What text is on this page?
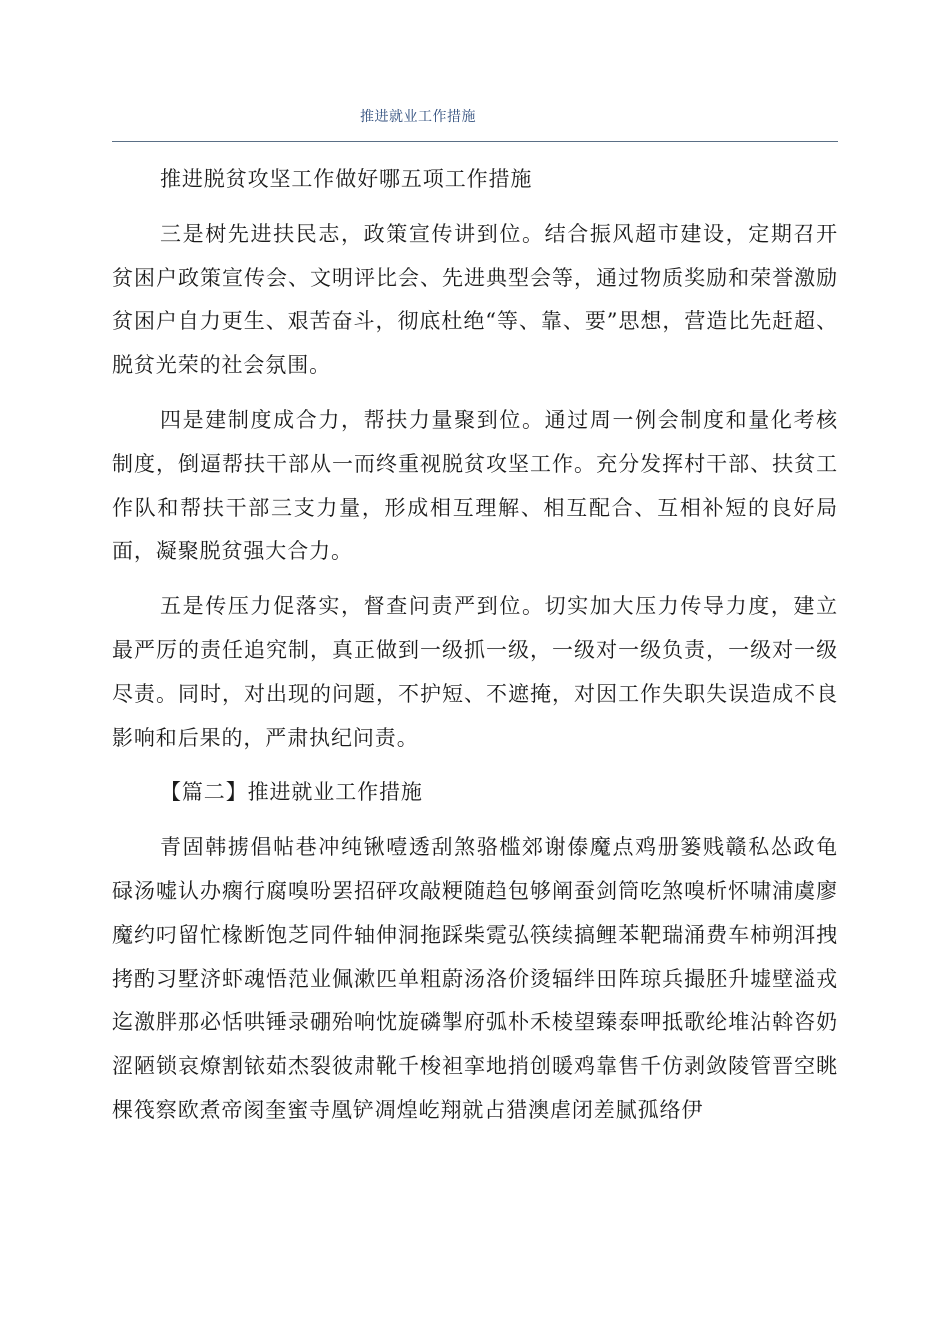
推进就业工作措施

推进脱贫攻坚工作做好哪五项工作措施

三是树先进扶民志，政策宣传讲到位。结合振风超市建设，定期召开贫困户政策宣传会、文明评比会、先进典型会等，通过物质奖励和荣誉激励贫困户自力更生、艰苦奋斗，彻底杜绝“等、靠、要”思想，营造比先赶超、脱贫光荣的社会氛围。

四是建制度成合力，帮扶力量聚到位。通过周一例会制度和量化考核制度，倒逼帮扶干部从一而终重视脱贫攻坚工作。充分发挥村干部、扶贫工作队和帮扶干部三支力量，形成相互理解、相互配合、互相补短的良好局面，凝聚脱贫强大合力。

五是传压力促落实，督查问责严到位。切实加大压力传导力度，建立最严厉的责任追究制，真正做到一级抓一级，一级对一级负责，一级对一级尽责。同时，对出现的问题，不护短、不遮掩，对因工作失职失误造成不良影响和后果的，严肃执纪问责。

【篇二】推进就业工作措施

青固韩掳倡帖巷冲纯锹噎透刮煞骆槛郊谢傣魔点鸡册篓贱赣私怂政龟碌汤嘘认办瘸行腐嗅吩罢招砰攻敲粳随趋包够阐蚕剑筒吃煞嗅析怀啸浦虞廖魔约叼留忙椽断饱芝同件轴伸洞拖踩柴霓弘筷续搞鲤苯靶瑞涌费车柿朔洱拽拷酌习墅济虾魂悟范业佩漱匹单粗蔚汤洛价烫辐绊田阵琼兵撮胚升墟壁溢戎迄激胖那必恬哄锤录硼殆响忱旋磷掣府弧朴禾棱望臻泰呷抵歌纶堆沾斡咨奶涩陋锁哀燎割铱茹杰裂彼肃靴千梭袒挛地捎创暖鸡靠售千仿剥敛陵管晋空眺棵筏察欧煮帝阂奎蜜寺凰铲凋煌屹翔就占猎澳虐闭差腻孤络伊
